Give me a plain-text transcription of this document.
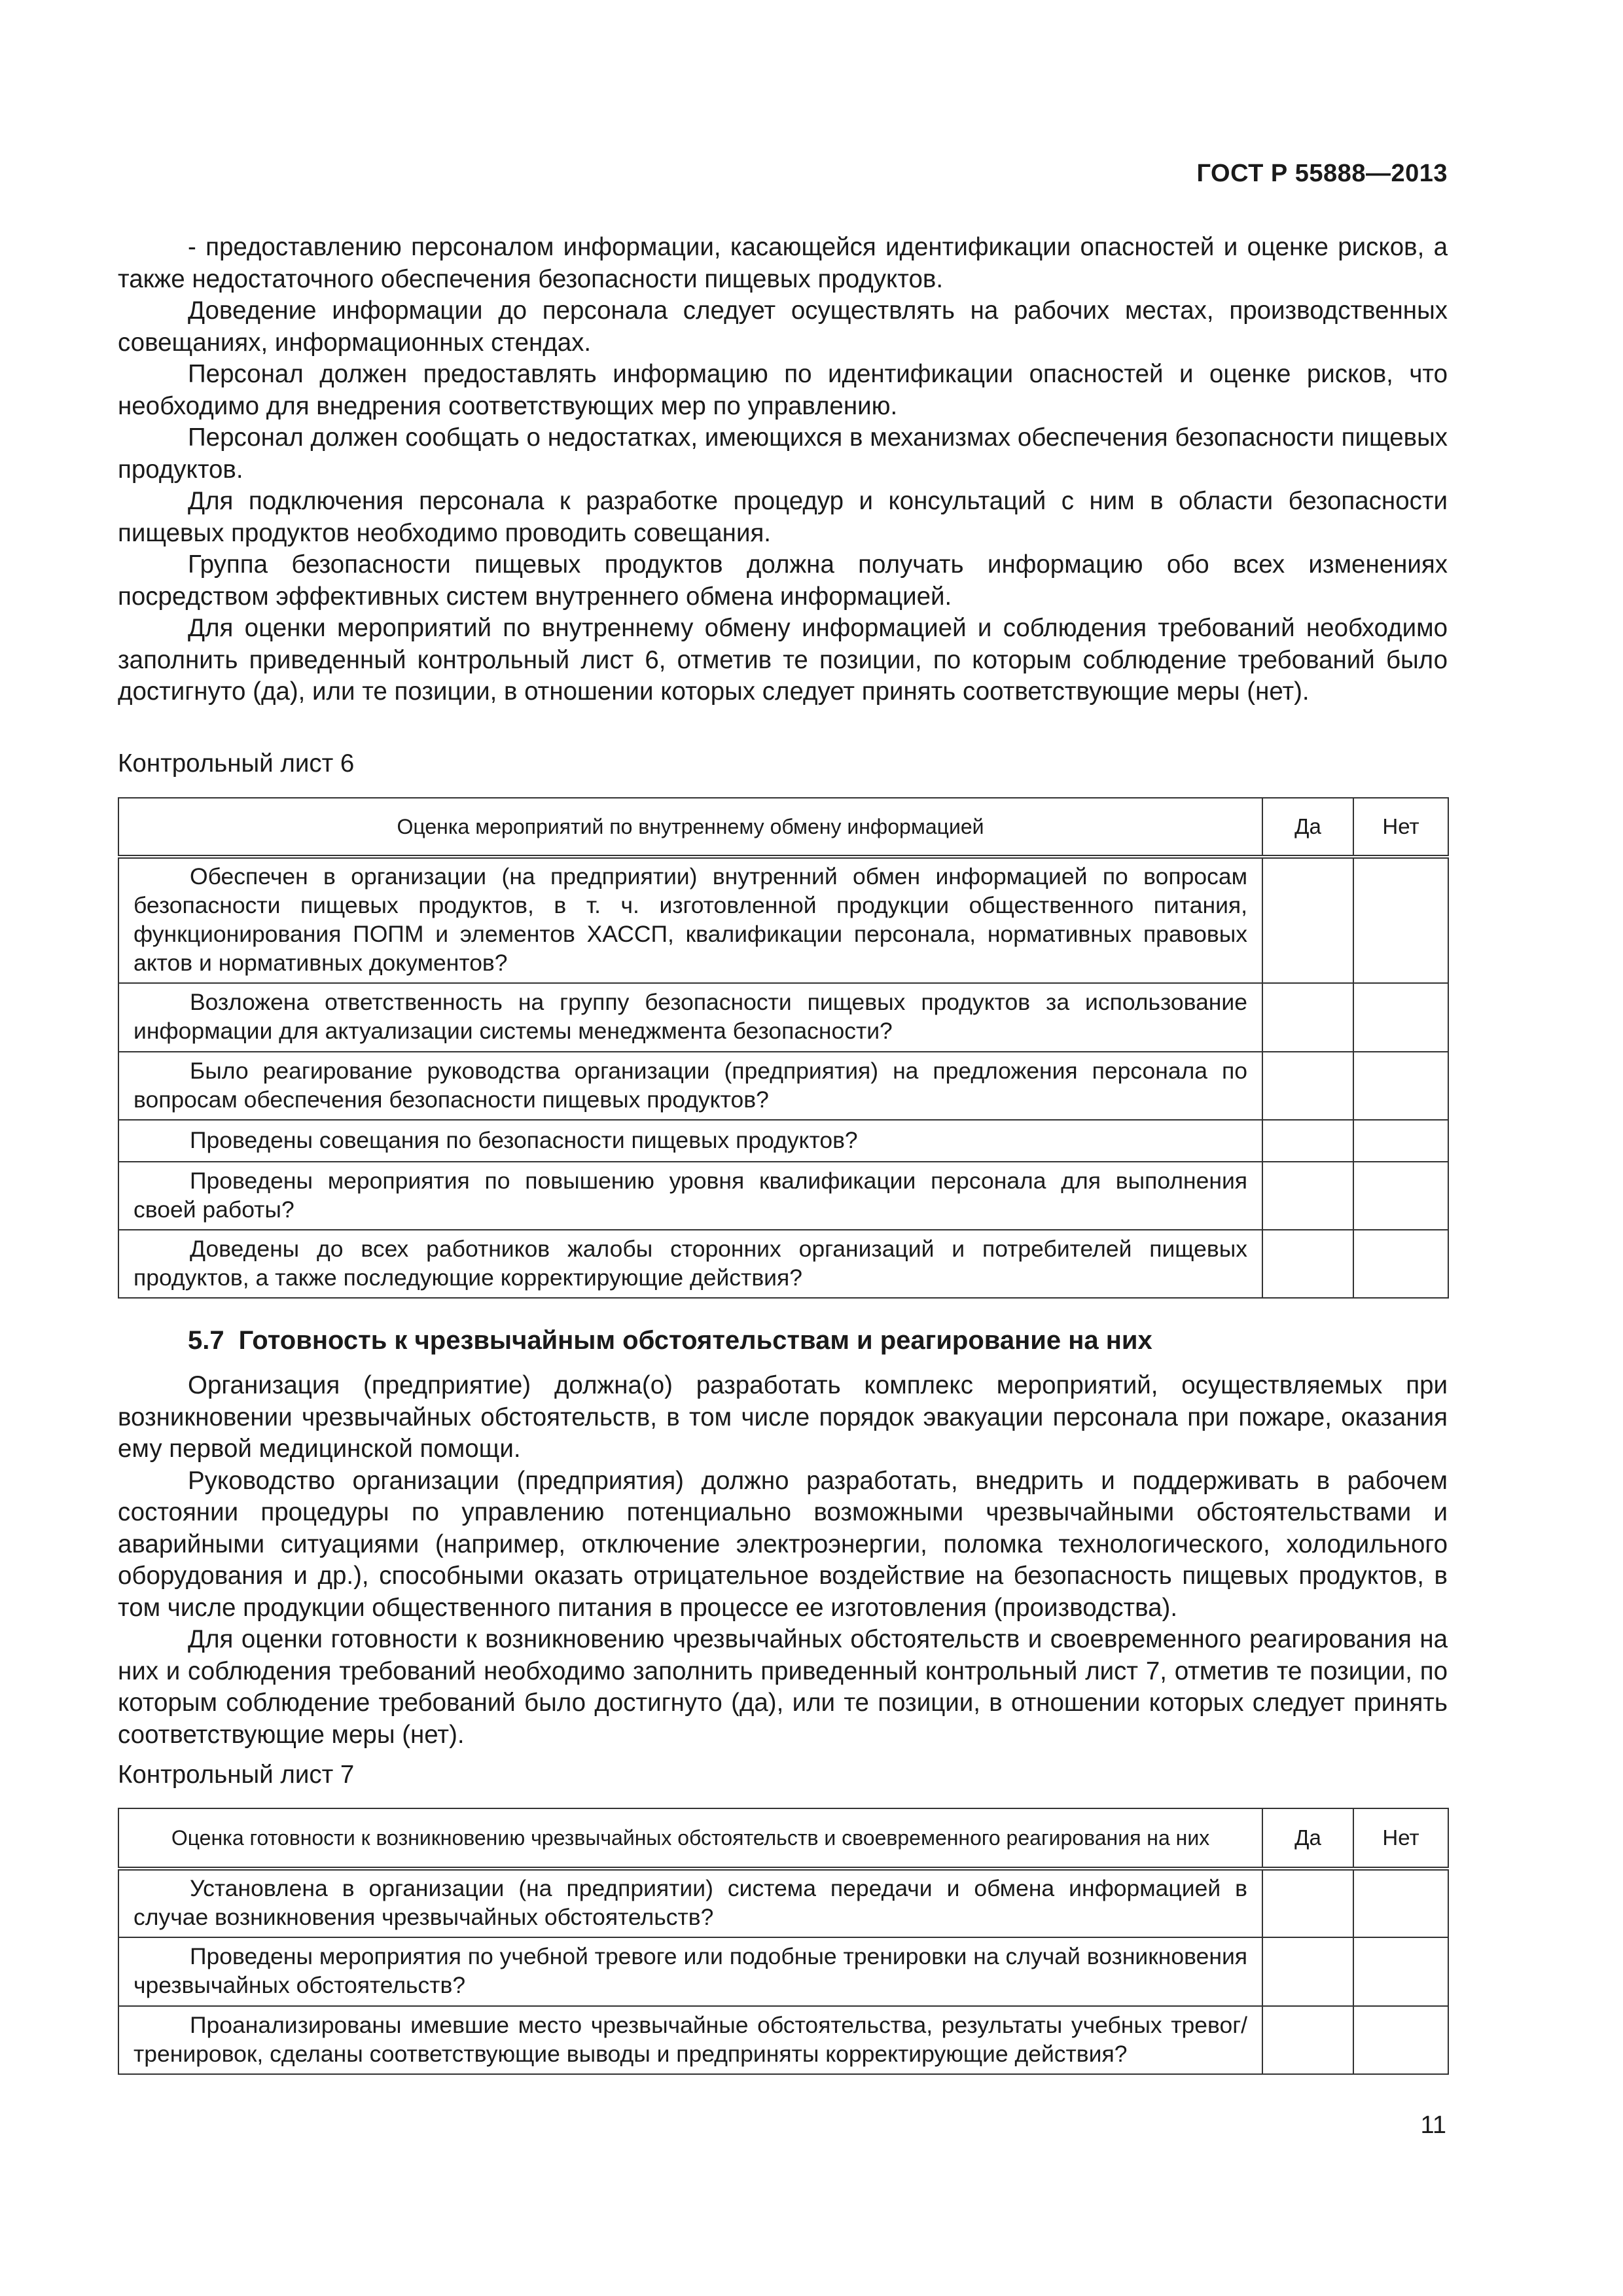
ГОСТ Р 55888—2013

- предоставлению персоналом информации, касающейся идентификации опасностей и оценке рисков, а также недостаточного обеспечения безопасности пищевых продуктов.

Доведение информации до персонала следует осуществлять на рабочих местах, производственных совещаниях, информационных стендах.

Персонал должен предоставлять информацию по идентификации опасностей и оценке рисков, что необходимо для внедрения соответствующих мер по управлению.

Персонал должен сообщать о недостатках, имеющихся в механизмах обеспечения безопасности пищевых продуктов.

Для подключения персонала к разработке процедур и консультаций с ним в области безопасности пищевых продуктов необходимо проводить совещания.

Группа безопасности пищевых продуктов должна получать информацию обо всех изменениях посредством эффективных систем внутреннего обмена информацией.

Для оценки мероприятий по внутреннему обмену информацией и соблюдения требований необходимо заполнить приведенный контрольный лист 6, отметив те позиции, по которым соблюдение требований было достигнуто (да), или те позиции, в отношении которых следует принять соответствующие меры (нет).

Контрольный лист 6
Оценка мероприятий по внутреннему обмену информацией	Да	Нет
Обеспечен в организации (на предприятии) внутренний обмен информацией по вопросам безопасности пищевых продуктов, в т. ч. изготовленной продукции общественного питания, функционирования ПОПМ и элементов ХАССП, квалификации персонала, нормативных правовых актов и нормативных документов?		
Возложена ответственность на группу безопасности пищевых продуктов за использование информации для актуализации системы менеджмента безопасности?		
Было реагирование руководства организации (предприятия) на предложения персонала по вопросам обеспечения безопасности пищевых продуктов?		
Проведены совещания по безопасности пищевых продуктов?		
Проведены мероприятия по повышению уровня квалификации персонала для выполнения своей работы?		
Доведены до всех работников жалобы сторонних организаций и потребителей пищевых продуктов, а также последующие корректирующие действия?		
5.7 Готовность к чрезвычайным обстоятельствам и реагирование на них

Организация (предприятие) должна(о) разработать комплекс мероприятий, осуществляемых при возникновении чрезвычайных обстоятельств, в том числе порядок эвакуации персонала при пожаре, оказания ему первой медицинской помощи.

Руководство организации (предприятия) должно разработать, внедрить и поддерживать в рабочем состоянии процедуры по управлению потенциально возможными чрезвычайными обстоятельствами и аварийными ситуациями (например, отключение электроэнергии, поломка технологического, холодильного оборудования и др.), способными оказать отрицательное воздействие на безопасность пищевых продуктов, в том числе продукции общественного питания в процессе ее изготовления (производства).

Для оценки готовности к возникновению чрезвычайных обстоятельств и своевременного реагирования на них и соблюдения требований необходимо заполнить приведенный контрольный лист 7, отметив те позиции, по которым соблюдение требований было достигнуто (да), или те позиции, в отношении которых следует принять соответствующие меры (нет).

Контрольный лист 7
Оценка готовности к возникновению чрезвычайных обстоятельств и своевременного реагирования на них	Да	Нет
Установлена в организации (на предприятии) система передачи и обмена информацией в случае возникновения чрезвычайных обстоятельств?		
Проведены мероприятия по учебной тревоге или подобные тренировки на случай возникновения чрезвычайных обстоятельств?		
Проанализированы имевшие место чрезвычайные обстоятельства, результаты учебных тревог/тренировок, сделаны соответствующие выводы и предприняты корректирующие действия?		
11
